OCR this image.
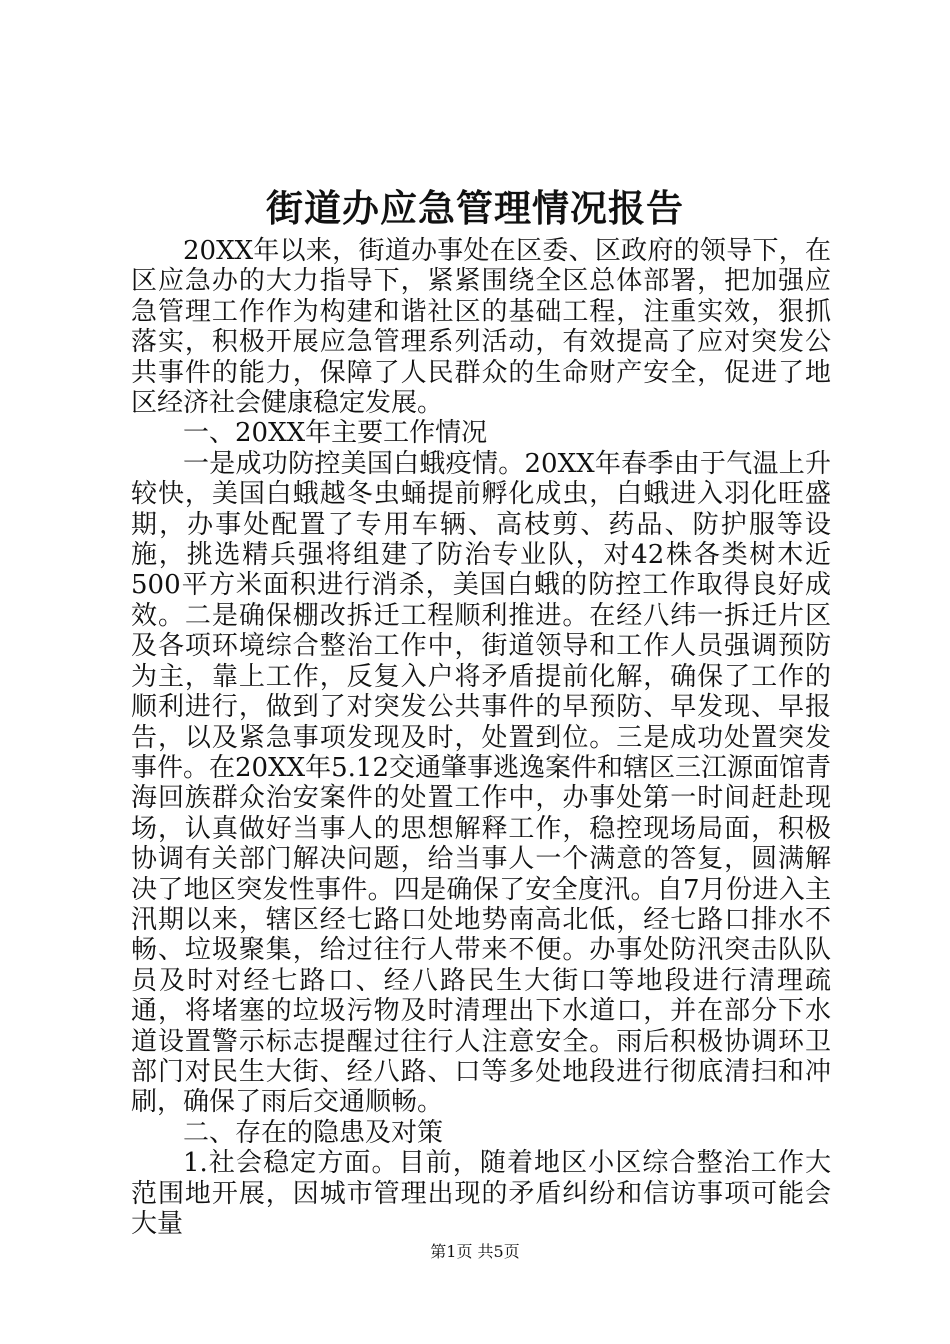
街道办应急管理情况报告

20XX年以来，街道办事处在区委、区政府的领导下，在区应急办的大力指导下，紧紧围绕全区总体部署，把加强应急管理工作作为构建和谐社区的基础工程，注重实效，狠抓落实，积极开展应急管理系列活动，有效提高了应对突发公共事件的能力，保障了人民群众的生命财产安全，促进了地区经济社会健康稳定发展。

一、20XX年主要工作情况

一是成功防控美国白蛾疫情。20XX年春季由于气温上升较快，美国白蛾越冬虫蛹提前孵化成虫，白蛾进入羽化旺盛期，办事处配置了专用车辆、高枝剪、药品、防护服等设施，挑选精兵强将组建了防治专业队，对42株各类树木近500平方米面积进行消杀，美国白蛾的防控工作取得良好成效。二是确保棚改拆迁工程顺利推进。在经八纬一拆迁片区及各项环境综合整治工作中，街道领导和工作人员强调预防为主，靠上工作，反复入户将矛盾提前化解，确保了工作的顺利进行，做到了对突发公共事件的早预防、早发现、早报告，以及紧急事项发现及时，处置到位。三是成功处置突发事件。在20XX年5.12交通肇事逃逸案件和辖区三江源面馆青海回族群众治安案件的处置工作中，办事处第一时间赶赴现场，认真做好当事人的思想解释工作，稳控现场局面，积极协调有关部门解决问题，给当事人一个满意的答复，圆满解决了地区突发性事件。四是确保了安全度汛。自7月份进入主汛期以来，辖区经七路口处地势南高北低，经七路口排水不畅、垃圾聚集，给过往行人带来不便。办事处防汛突击队队员及时对经七路口、经八路民生大街口等地段进行清理疏通，将堵塞的垃圾污物及时清理出下水道口，并在部分下水道设置警示标志提醒过往行人注意安全。雨后积极协调环卫部门对民生大街、经八路、口等多处地段进行彻底清扫和冲刷，确保了雨后交通顺畅。

二、存在的隐患及对策

1.社会稳定方面。目前，随着地区小区综合整治工作大范围地开展，因城市管理出现的矛盾纠纷和信访事项可能会大量

第1页 共5页
